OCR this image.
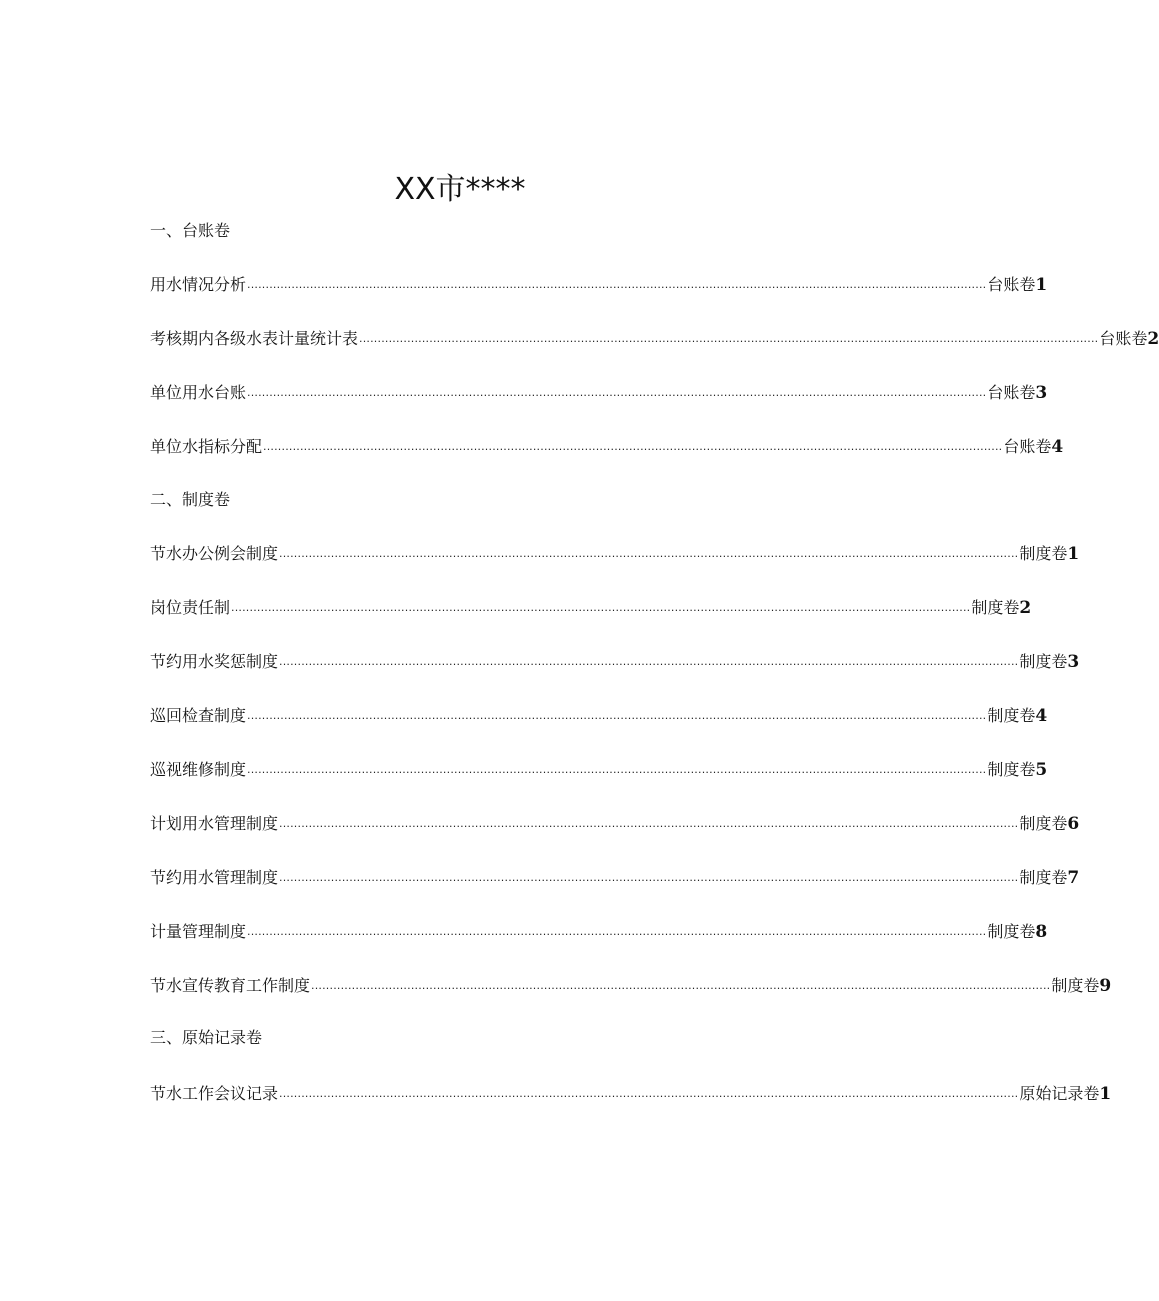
XX市****
一、台账卷
用水情况分析 ........................................................................................................................................................................................................ 台账卷1
考核期内各级水表计量统计表 ........................................................................................................................................................................................................ 台账卷2
单位用水台账 ........................................................................................................................................................................................................ 台账卷3
单位水指标分配 ........................................................................................................................................................................................................ 台账卷4
二、制度卷
节水办公例会制度 ........................................................................................................................................................................................................ 制度卷1
岗位责任制 ........................................................................................................................................................................................................ 制度卷2
节约用水奖惩制度 ........................................................................................................................................................................................................ 制度卷3
巡回检查制度 ........................................................................................................................................................................................................ 制度卷4
巡视维修制度 ........................................................................................................................................................................................................ 制度卷5
计划用水管理制度 ........................................................................................................................................................................................................ 制度卷6
节约用水管理制度 ........................................................................................................................................................................................................ 制度卷7
计量管理制度 ........................................................................................................................................................................................................ 制度卷8
节水宣传教育工作制度 ........................................................................................................................................................................................................ 制度卷9
三、原始记录卷
节水工作会议记录 ........................................................................................................................................................................................................ 原始记录卷1
